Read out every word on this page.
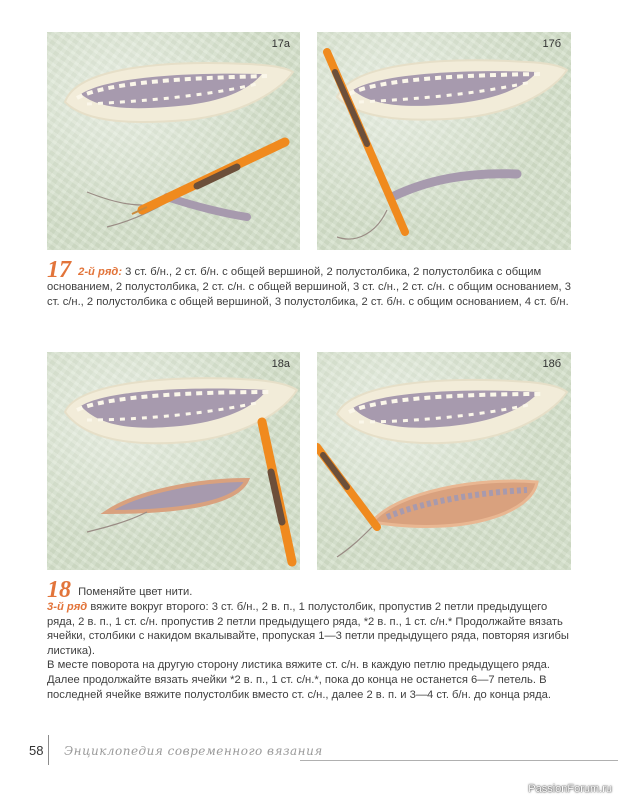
17а	17б

17 2-й ряд: 3 ст. б/н., 2 ст. б/н. с общей вершиной, 2 полустолбика, 2 полустолбика с общим основанием, 2 полустолбика, 2 ст. с/н. с общей вершиной, 3 ст. с/н., 2 ст. с/н. с общим основанием, 3 ст. с/н., 2 полустолбика с общей вершиной, 3 полустолбика, 2 ст. б/н. с общим основанием, 4 ст. б/н.

18а	18б

18 Поменяйте цвет нити.

3-й ряд вяжите вокруг второго: 3 ст. б/н., 2 в. п., 1 полустолбик, пропустив 2 петли предыдущего ряда, 2 в. п., 1 ст. с/н. пропустив 2 петли предыдущего ряда, *2 в. п., 1 ст. с/н.* Продолжайте вязать ячейки, столбики с накидом вкалывайте, пропуская 1—3 петли предыдущего ряда, повторяя изгибы листика).

В месте поворота на другую сторону листика вяжите ст. с/н. в каждую петлю предыдущего ряда. Далее продолжайте вязать ячейки *2 в. п., 1 ст. с/н.*, пока до конца не останется 6—7 петель. В последней ячейке вяжите полустолбик вместо ст. с/н., далее 2 в. п. и 3—4 ст. б/н. до конца ряда.

58 Энциклопедия современного вязания
PassionForum.ru
